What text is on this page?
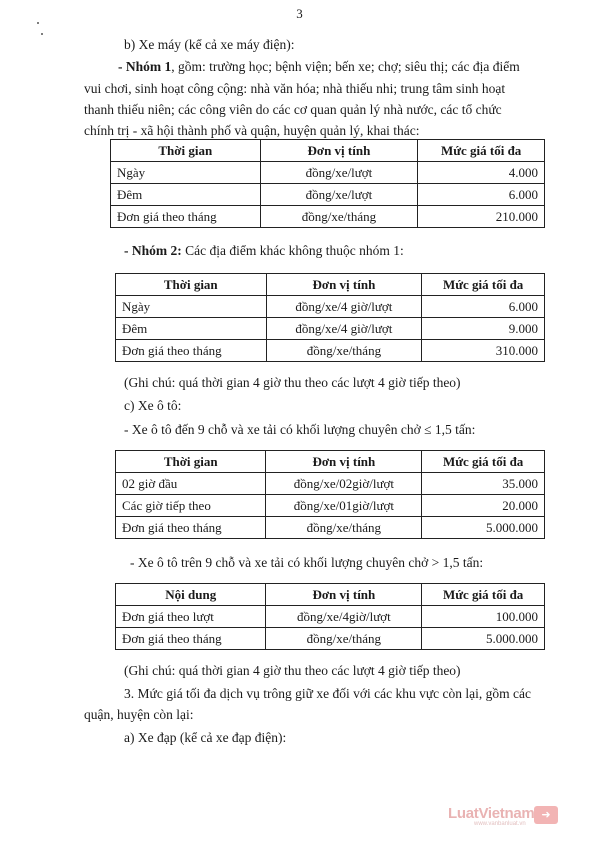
3
b) Xe máy (kể cả xe máy điện):
- Nhóm 1, gồm: trường học; bệnh viện; bến xe; chợ; siêu thị; các địa điểm
vui chơi, sinh hoạt công cộng: nhà văn hóa; nhà thiếu nhi; trung tâm sinh hoạt
thanh thiếu niên; các công viên do các cơ quan quản lý nhà nước, các tổ chức
chính trị - xã hội thành phố và quận, huyện quản lý, khai thác:
Thời gian	Đơn vị tính	Mức giá tối đa
Ngày	đồng/xe/lượt	4.000
Đêm	đồng/xe/lượt	6.000
Đơn giá theo tháng	đồng/xe/tháng	210.000
- Nhóm 2: Các địa điểm khác không thuộc nhóm 1:
Thời gian	Đơn vị tính	Mức giá tối đa
Ngày	đồng/xe/4 giờ/lượt	6.000
Đêm	đồng/xe/4 giờ/lượt	9.000
Đơn giá theo tháng	đồng/xe/tháng	310.000
(Ghi chú: quá thời gian 4 giờ thu theo các lượt 4 giờ tiếp theo)
c) Xe ô tô:
- Xe ô tô đến 9 chỗ và xe tải có khối lượng chuyên chở ≤ 1,5 tấn:
Thời gian	Đơn vị tính	Mức giá tối đa
02 giờ đầu	đồng/xe/02giờ/lượt	35.000
Các giờ tiếp theo	đồng/xe/01giờ/lượt	20.000
Đơn giá theo tháng	đồng/xe/tháng	5.000.000
- Xe ô tô trên 9 chỗ và xe tải có khối lượng chuyên chở > 1,5 tấn:
Nội dung	Đơn vị tính	Mức giá tối đa
Đơn giá theo lượt	đồng/xe/4giờ/lượt	100.000
Đơn giá theo tháng	đồng/xe/tháng	5.000.000
(Ghi chú: quá thời gian 4 giờ thu theo các lượt 4 giờ tiếp theo)
3. Mức giá tối đa dịch vụ trông giữ xe đối với các khu vực còn lại, gồm các
quận, huyện còn lại:
a) Xe đạp (kể cả xe đạp điện):
LuatVietnam
www.vanbanluat.vn
➜
